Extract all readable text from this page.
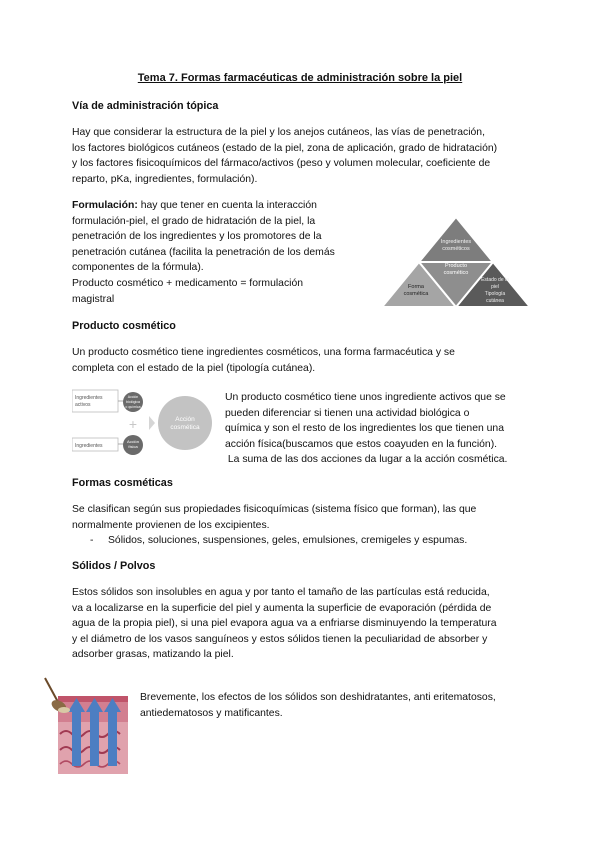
Tema 7. Formas farmacéuticas de administración sobre la piel
Vía de administración tópica
Hay que considerar la estructura de la piel y los anejos cutáneos, las vías de penetración,
los factores biológicos cutáneos (estado de la piel, zona de aplicación, grado de hidratación)
y los factores fisicoquímicos del fármaco/activos (peso y volumen molecular, coeficiente de
reparto, pKa, ingredientes, formulación).
Formulación: hay que tener en cuenta la interacción
formulación-piel, el grado de hidratación de la piel, la
penetración de los ingredientes y los promotores de la
penetración cutánea (facilita la penetración de los demás
componentes de la fórmula).
Producto cosmético + medicamento = formulación
magistral
Ingredientes
cosméticos
Producto
cosmético
Forma
cosmética
Estado de la
piel
Tipología
cutánea
Producto cosmético
Un producto cosmético tiene ingredientes cosméticos, una forma farmacéutica y se
completa con el estado de la piel (tipología cutánea).
Ingredientes
activos
Acción
biológica
o química
+
Ingredientes
Acción
física
Acción
cosmética
Un producto cosmético tiene unos ingrediente activos que se
pueden diferenciar si tienen una actividad biológica o
química y son el resto de los ingredientes los que tienen una
acción física(buscamos que estos coayuden en la función).
La suma de las dos acciones da lugar a la acción cosmética.
Formas cosméticas
Se clasifican según sus propiedades fisicoquímicas (sistema físico que forman), las que
normalmente provienen de los excipientes.
- Sólidos, soluciones, suspensiones, geles, emulsiones, cremigeles y espumas.
Sólidos / Polvos
Estos sólidos son insolubles en agua y por tanto el tamaño de las partículas está reducida,
va a localizarse en la superficie del piel y aumenta la superficie de evaporación (pérdida de
agua de la propia piel), si una piel evapora agua va a enfriarse disminuyendo la temperatura
y el diámetro de los vasos sanguíneos y estos sólidos tienen la peculiaridad de absorber y
adsorber grasas, matizando la piel.
Brevemente, los efectos de los sólidos son deshidratantes, anti eritematosos,
antiedematosos y matificantes.
